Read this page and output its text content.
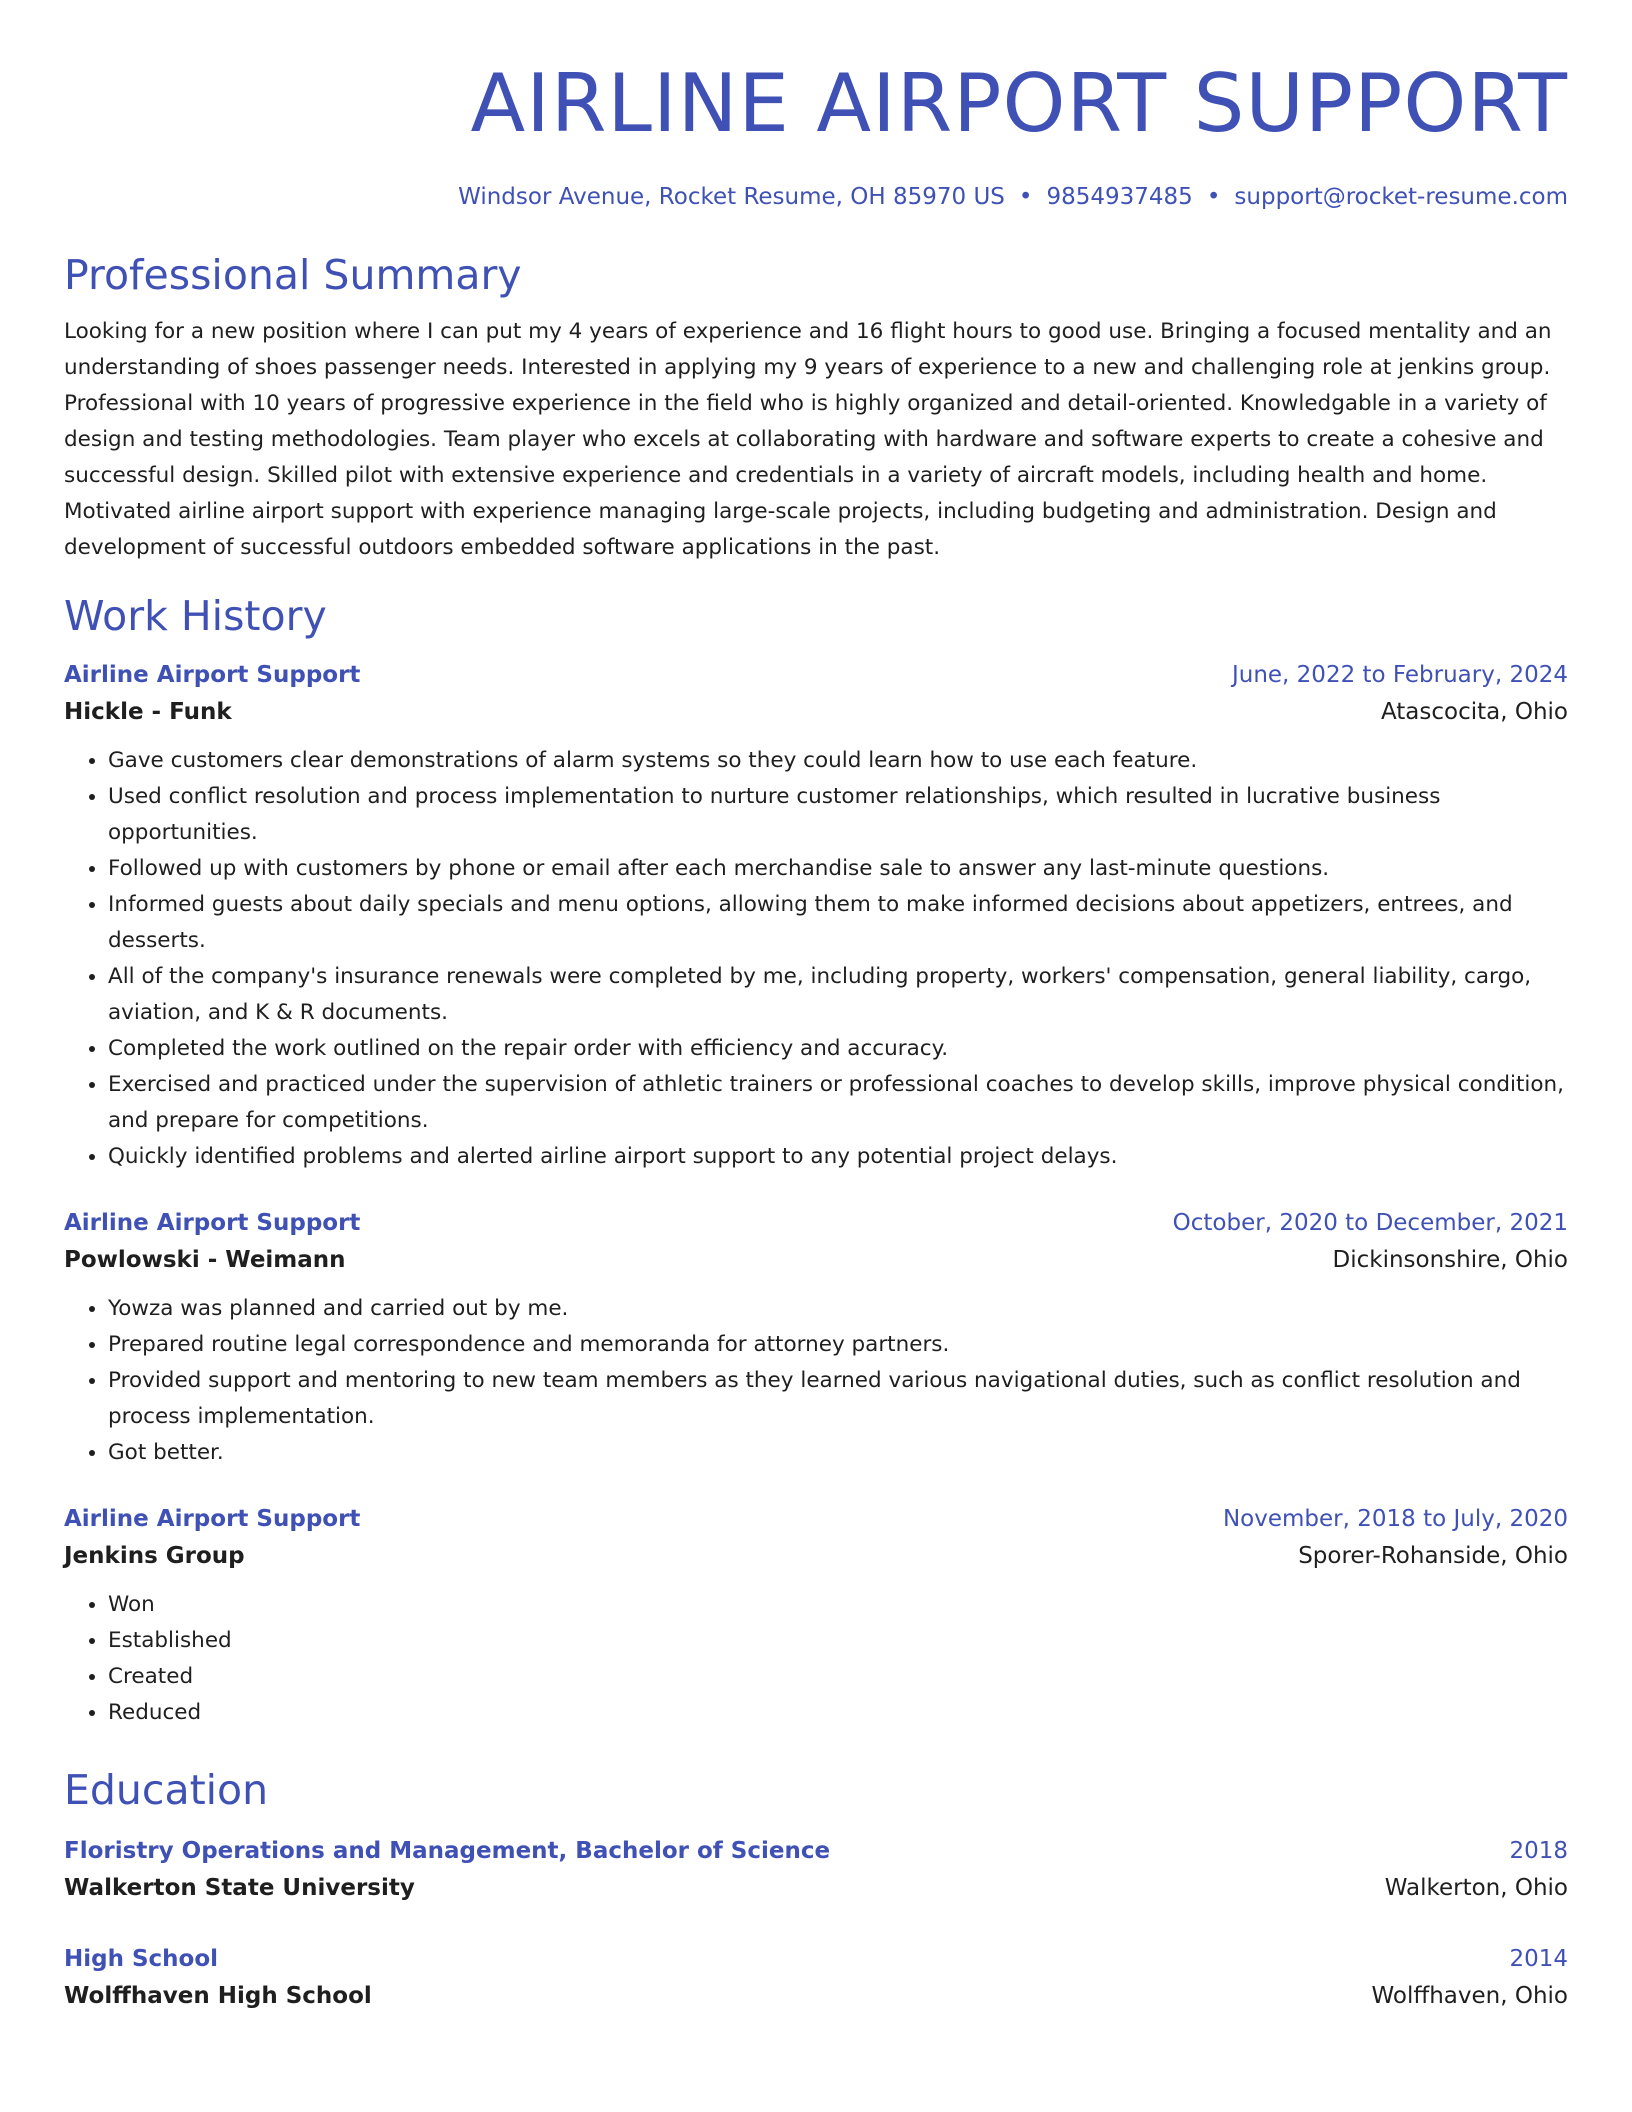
AIRLINE AIRPORT SUPPORT
Windsor Avenue, Rocket Resume, OH 85970 US • 9854937485 • support@rocket-resume.com
Professional Summary
Looking for a new position where I can put my 4 years of experience and 16 flight hours to good use. Bringing a focused mentality and an understanding of shoes passenger needs. Interested in applying my 9 years of experience to a new and challenging role at jenkins group. Professional with 10 years of progressive experience in the field who is highly organized and detail-oriented. Knowledgable in a variety of design and testing methodologies. Team player who excels at collaborating with hardware and software experts to create a cohesive and successful design. Skilled pilot with extensive experience and credentials in a variety of aircraft models, including health and home. Motivated airline airport support with experience managing large-scale projects, including budgeting and administration. Design and development of successful outdoors embedded software applications in the past.
Work History
Airline Airport Support	June, 2022 to February, 2024
Hickle - Funk	Atascocita, Ohio
• Gave customers clear demonstrations of alarm systems so they could learn how to use each feature.
• Used conflict resolution and process implementation to nurture customer relationships, which resulted in lucrative business opportunities.
• Followed up with customers by phone or email after each merchandise sale to answer any last-minute questions.
• Informed guests about daily specials and menu options, allowing them to make informed decisions about appetizers, entrees, and desserts.
• All of the company's insurance renewals were completed by me, including property, workers' compensation, general liability, cargo, aviation, and K & R documents.
• Completed the work outlined on the repair order with efficiency and accuracy.
• Exercised and practiced under the supervision of athletic trainers or professional coaches to develop skills, improve physical condition, and prepare for competitions.
• Quickly identified problems and alerted airline airport support to any potential project delays.
Airline Airport Support	October, 2020 to December, 2021
Powlowski - Weimann	Dickinsonshire, Ohio
• Yowza was planned and carried out by me.
• Prepared routine legal correspondence and memoranda for attorney partners.
• Provided support and mentoring to new team members as they learned various navigational duties, such as conflict resolution and process implementation.
• Got better.
Airline Airport Support	November, 2018 to July, 2020
Jenkins Group	Sporer-Rohanside, Ohio
• Won
• Established
• Created
• Reduced
Education
Floristry Operations and Management, Bachelor of Science	2018
Walkerton State University	Walkerton, Ohio
High School	2014
Wolffhaven High School	Wolffhaven, Ohio
